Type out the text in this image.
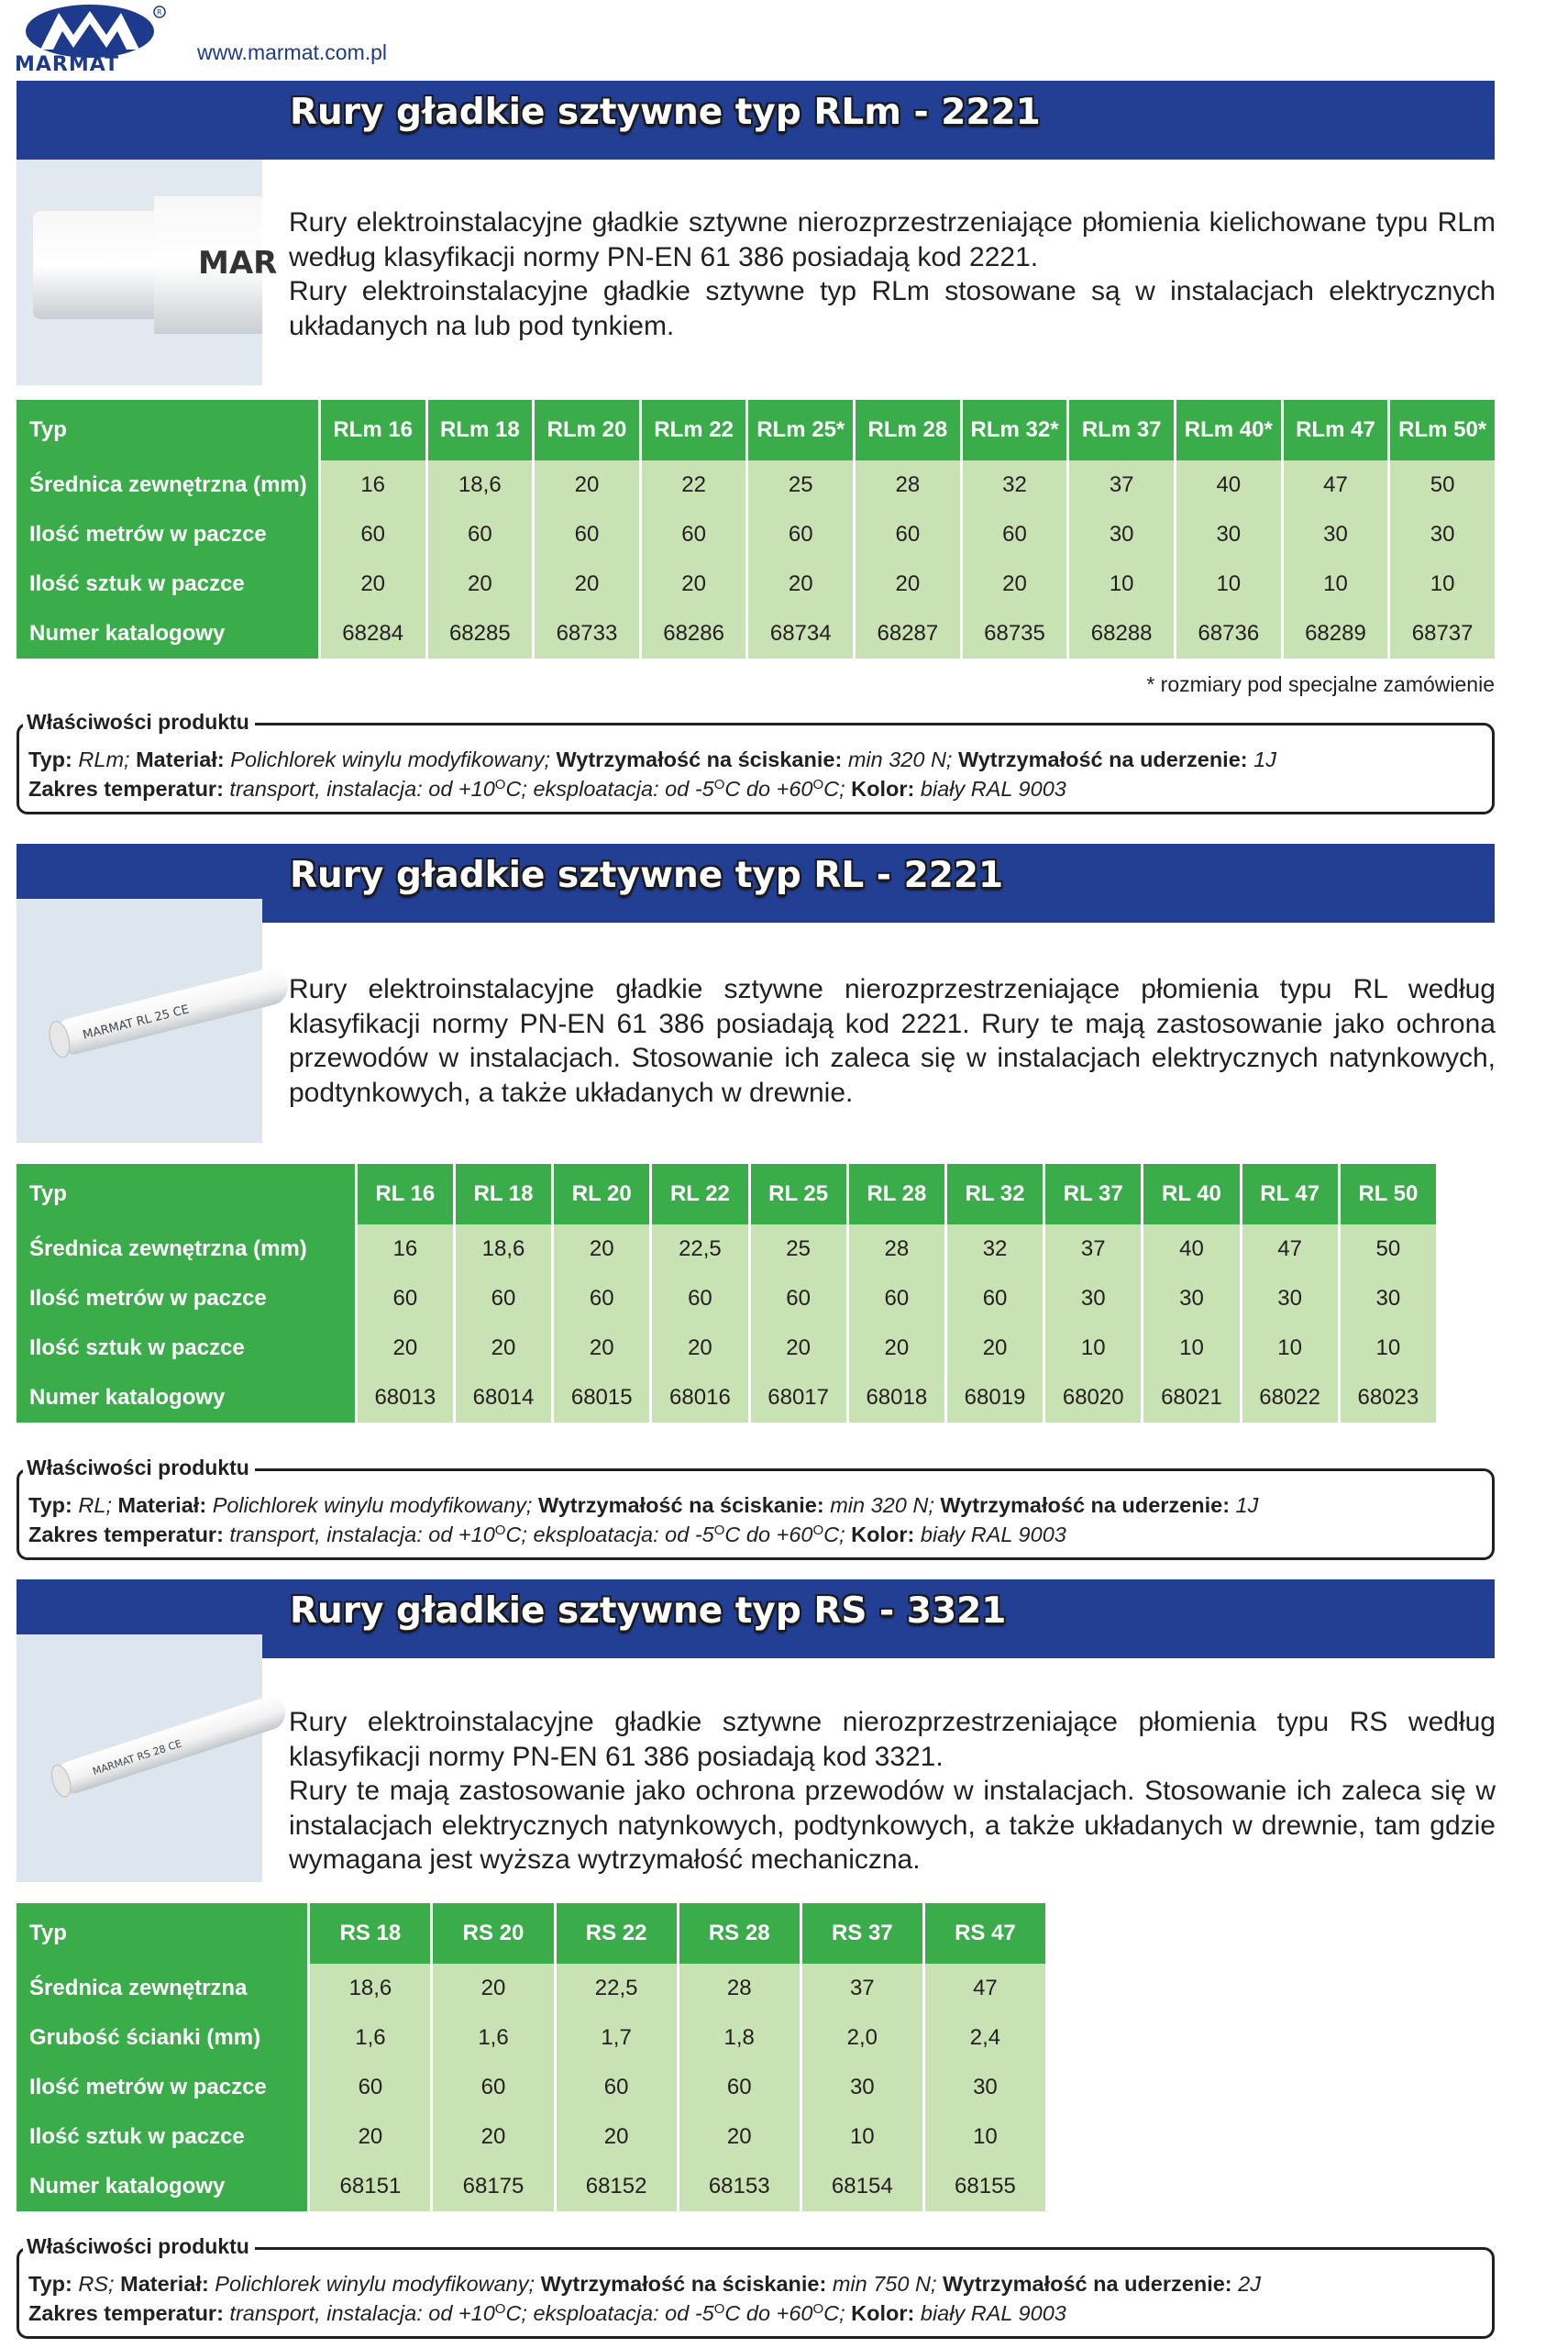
R
MARMAT
www.marmat.com.pl
Rury gładkie sztywne typ RLm - 2221
MAR

Rury elektroinstalacyjne gładkie sztywne nierozprzestrzeniające płomienia kielichowane typu RLm według klasyfikacji normy PN-EN 61 386 posiadają kod 2221.

Rury elektroinstalacyjne gładkie sztywne typ RLm stosowane są w instalacjach elektrycznych układanych na lub pod tynkiem.

Typ	RLm 16	RLm 18	RLm 20	RLm 22	RLm 25*	RLm 28	RLm 32*	RLm 37	RLm 40*	RLm 47	RLm 50*
Średnica zewnętrzna (mm)	16	18,6	20	22	25	28	32	37	40	47	50
Ilość metrów w paczce	60	60	60	60	60	60	60	30	30	30	30
Ilość sztuk w paczce	20	20	20	20	20	20	20	10	10	10	10
Numer katalogowy	68284	68285	68733	68286	68734	68287	68735	68288	68736	68289	68737
* rozmiary pod specjalne zamówienie
Właściwości produktu
Typ: RLm; Materiał: Polichlorek winylu modyfikowany; Wytrzymałość na ściskanie: min 320 N; Wytrzymałość na uderzenie: 1J
Zakres temperatur: transport, instalacja: od $+10^OC$; eksploatacja: od $-5^OC$ do $+60^OC$; Kolor: biały RAL 9003
Rury gładkie sztywne typ RL - 2221
MARMAT RL 25 CE

Rury elektroinstalacyjne gładkie sztywne nierozprzestrzeniające płomienia typu RL według klasyfikacji normy PN-EN 61 386 posiadają kod 2221. Rury te mają zastosowanie jako ochrona przewodów w instalacjach. Stosowanie ich zaleca się w instalacjach elektrycznych natynkowych, podtynkowych, a także układanych w drewnie.

Typ	RL 16	RL 18	RL 20	RL 22	RL 25	RL 28	RL 32	RL 37	RL 40	RL 47	RL 50
Średnica zewnętrzna (mm)	16	18,6	20	22,5	25	28	32	37	40	47	50
Ilość metrów w paczce	60	60	60	60	60	60	60	30	30	30	30
Ilość sztuk w paczce	20	20	20	20	20	20	20	10	10	10	10
Numer katalogowy	68013	68014	68015	68016	68017	68018	68019	68020	68021	68022	68023
Właściwości produktu
Typ: RL; Materiał: Polichlorek winylu modyfikowany; Wytrzymałość na ściskanie: min 320 N; Wytrzymałość na uderzenie: 1J
Zakres temperatur: transport, instalacja: od $+10^OC$; eksploatacja: od $-5^OC$ do $+60^OC$; Kolor: biały RAL 9003
Rury gładkie sztywne typ RS - 3321
MARMAT RS 28 CE

Rury elektroinstalacyjne gładkie sztywne nierozprzestrzeniające płomienia typu RS według klasyfikacji normy PN-EN 61 386 posiadają kod 3321.

Rury te mają zastosowanie jako ochrona przewodów w instalacjach. Stosowanie ich zaleca się w instalacjach elektrycznych natynkowych, podtynkowych, a także układanych w drewnie, tam gdzie wymagana jest wyższa wytrzymałość mechaniczna.

Typ	RS 18	RS 20	RS 22	RS 28	RS 37	RS 47
Średnica zewnętrzna	18,6	20	22,5	28	37	47
Grubość ścianki (mm)	1,6	1,6	1,7	1,8	2,0	2,4
Ilość metrów w paczce	60	60	60	60	30	30
Ilość sztuk w paczce	20	20	20	20	10	10
Numer katalogowy	68151	68175	68152	68153	68154	68155
Właściwości produktu
Typ: RS; Materiał: Polichlorek winylu modyfikowany; Wytrzymałość na ściskanie: min 750 N; Wytrzymałość na uderzenie: 2J
Zakres temperatur: transport, instalacja: od $+10^OC$; eksploatacja: od $-5^OC$ do $+60^OC$; Kolor: biały RAL 9003
